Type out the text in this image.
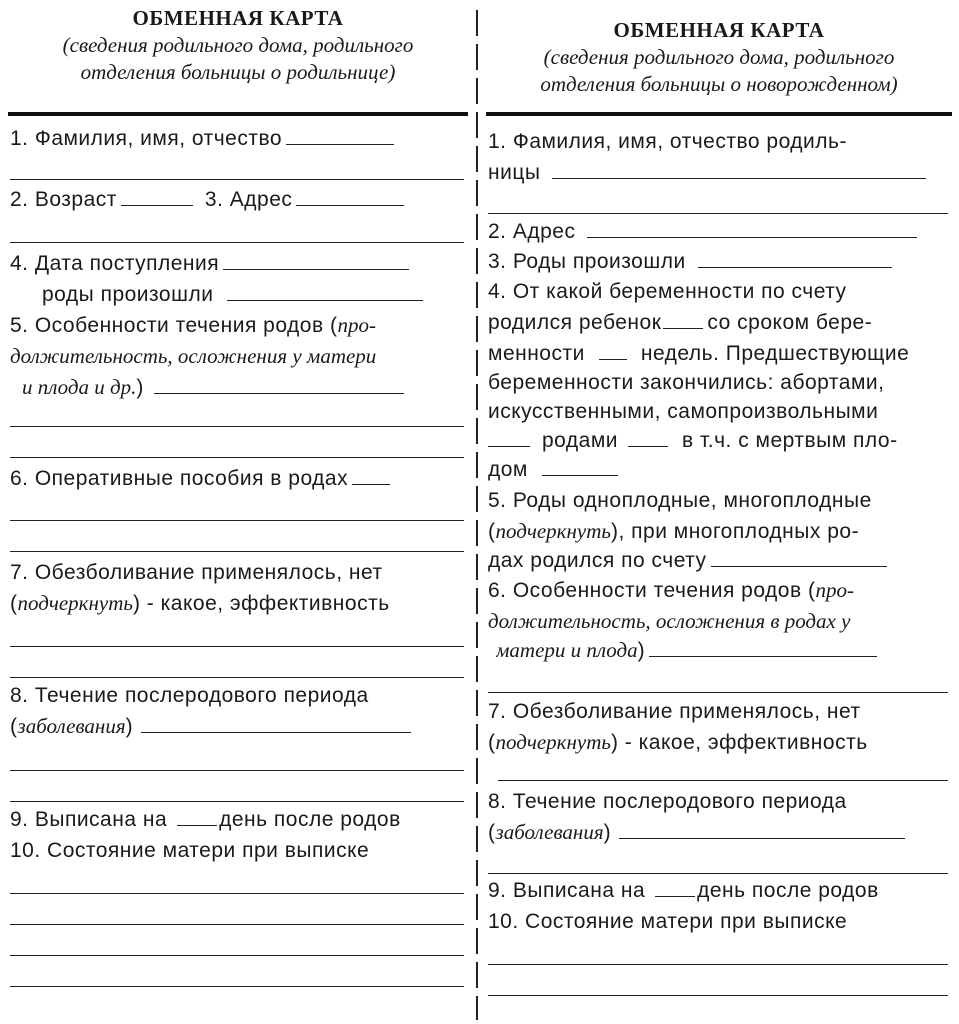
ОБМЕННАЯ КАРТА
(сведения родильного дома, родильного
отделения больницы о родильнице)
1. Фамилия, имя, отчество
2. Возраст	3. Адрес
4. Дата поступления
роды произошли
5. Особенности течения родов (про-
должительность, осложнения у матери
и плода и др.)
6. Оперативные пособия в родах
7. Обезболивание применялось, нет
(подчеркнуть) - какое, эффективность
8. Течение послеродового периода
(заболевания)
9. Выписана на день после родов
10. Состояние матери при выписке
ОБМЕННАЯ КАРТА
(сведения родильного дома, родильного
отделения больницы о новорожденном)
1. Фамилия, имя, отчество родиль-
ницы
2. Адрес
3. Роды произошли
4. От какой беременности по счету
родился ребенок со сроком бере-
менности	недель. Предшествующие
беременности закончились: абортами,
искусственными, самопроизвольными
родами	в т.ч. с мертвым пло-
дом
5. Роды одноплодные, многоплодные
(подчеркнуть), при многоплодных ро-
дах родился по счету
6. Особенности течения родов (про-
должительность, осложнения в родах у
матери и плода)
7. Обезболивание применялось, нет
(подчеркнуть) - какое, эффективность
8. Течение послеродового периода
(заболевания)
9. Выписана на день после родов
10. Состояние матери при выписке
